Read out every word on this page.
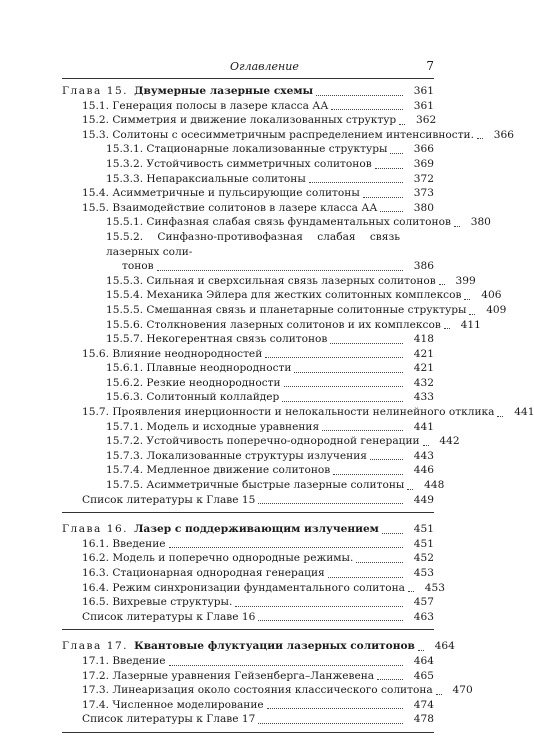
Оглавление	7
Глава 15. Двумерные лазерные схемы	361
15.1. Генерация полосы в лазере класса АА	361
15.2. Симметрия и движение локализованных структур	362
15.3. Солитоны с осесимметричным распределением интенсивности.	366
15.3.1. Стационарные локализованные структуры	366
15.3.2. Устойчивость симметричных солитонов	369
15.3.3. Непараксиальные солитоны	372
15.4. Асимметричные и пульсирующие солитоны	373
15.5. Взаимодействие солитонов в лазере класса АА	380
15.5.1. Синфазная слабая связь фундаментальных солитонов	380
15.5.2. Синфазно-противофазная слабая связь лазерных соли-
тонов	386
15.5.3. Сильная и сверхсильная связь лазерных солитонов	399
15.5.4. Механика Эйлера для жестких солитонных комплексов	406
15.5.5. Смешанная связь и планетарные солитонные структуры	409
15.5.6. Столкновения лазерных солитонов и их комплексов	411
15.5.7. Некогерентная связь солитонов	418
15.6. Влияние неоднородностей	421
15.6.1. Плавные неоднородности	421
15.6.2. Резкие неоднородности	432
15.6.3. Солитонный коллайдер	433
15.7. Проявления инерционности и нелокальности нелинейного отклика	441
15.7.1. Модель и исходные уравнения	441
15.7.2. Устойчивость поперечно-однородной генерации	442
15.7.3. Локализованные структуры излучения	443
15.7.4. Медленное движение солитонов	446
15.7.5. Асимметричные быстрые лазерные солитоны	448
Список литературы к Главе 15	449
Глава 16. Лазер с поддерживающим излучением	451
16.1. Введение	451
16.2. Модель и поперечно однородные режимы.	452
16.3. Стационарная однородная генерация	453
16.4. Режим синхронизации фундаментального солитона	453
16.5. Вихревые структуры.	457
Список литературы к Главе 16	463
Глава 17. Квантовые флуктуации лазерных солитонов	464
17.1. Введение	464
17.2. Лазерные уравнения Гейзенберга–Ланжевена	465
17.3. Линеаризация около состояния классического солитона	470
17.4. Численное моделирование	474
Список литературы к Главе 17	478
